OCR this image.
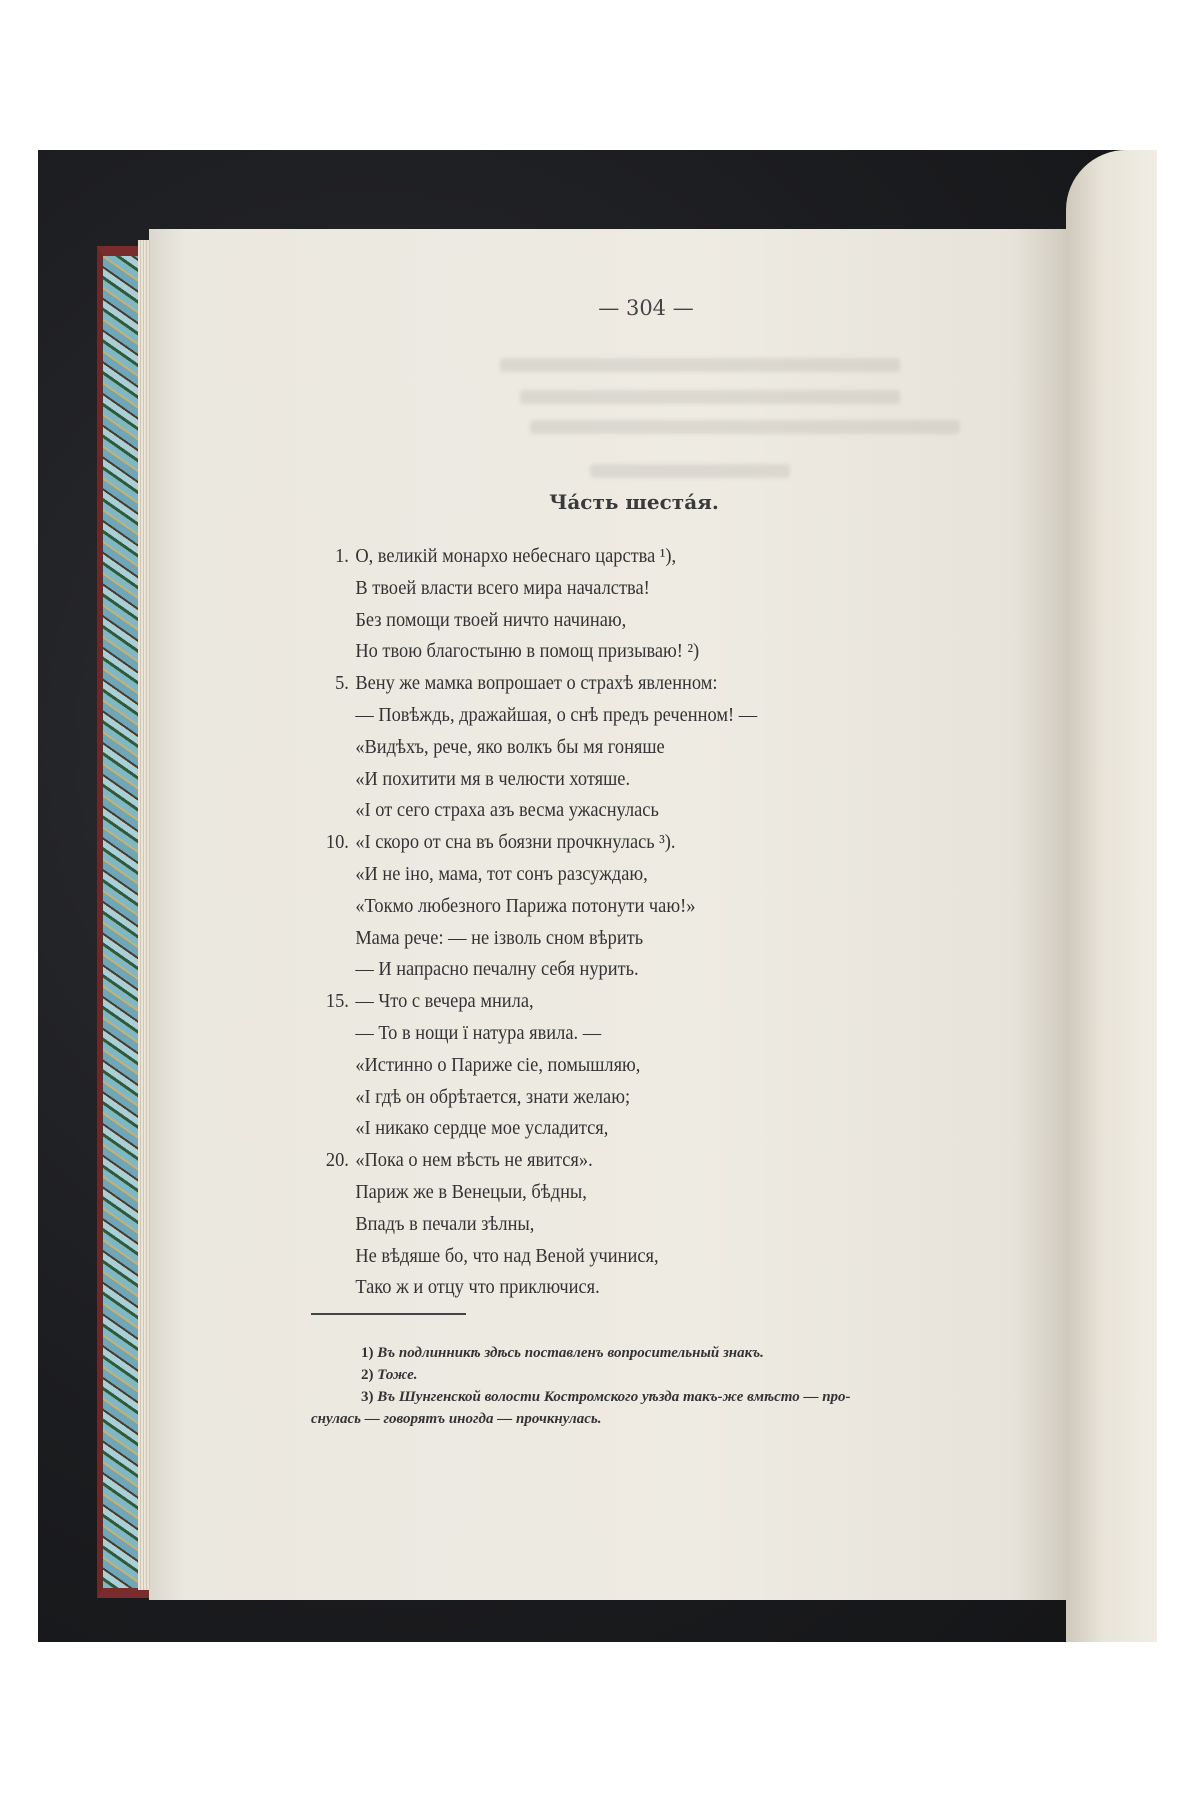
— 304 —
Ча́сть шеста́я.
1. О, великій монархо небеснаго царства ¹),
В твоей власти всего мира началства!
Без помощи твоей ничто начинаю,
Но твою благостыню в помощ призываю! ²)
5. Вену же мамка вопрошает о страхѣ явленном:
— Повѣждь, дражайшая, о снѣ предъ реченном! —
«Видѣхъ, рече, яко волкъ бы мя гоняше
«И похитити мя в челюсти хотяше.
«I от сего страха азъ весма ужаснулась
10. «I скоро от сна въ боязни прочкнулась ³).
«И не іно, мама, тот сонъ разсуждаю,
«Токмо любезного Парижа потонути чаю!»
Мама рече: — не ізволь сном вѣрить
— И напрасно печалну себя нурить.
15. — Что с вечера мнила,
— То в нощи ї натура явила. —
«Истинно о Париже сіе, помышляю,
«I гдѣ он обрѣтается, знати желаю;
«I никако сердце мое усладится,
20. «Пока о нем вѣсть не явится».
Париж же в Венецыи, бѣдны,
Впадъ в печали зѣлны,
Не вѣдяше бо, что над Веной учинися,
Тако ж и отцу что приключися.
1) Въ подлинникѣ здѣсь поставленъ вопросительный знакъ.
2) Тоже.
3) Въ Шунгенской волости Костромского уѣзда такъ-же вмѣсто — про-
снулась — говорятъ иногда — прочкнулась.
